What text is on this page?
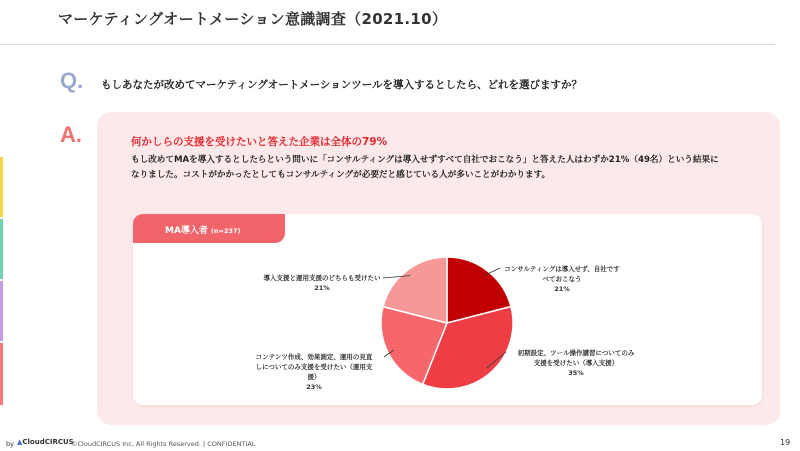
マーケティングオートメーション意識調査（2021.10）
Q. もしあなたが改めてマーケティングオートメーションツールを導入するとしたら、どれを選びますか？
A.	何かしらの支援を受けたいと答えた企業は全体の79%
もし改めてMAを導入するとしたらという問いに「コンサルティングは導入せずすべて自社でおこなう」と答えた人はわずか21%（49名）という結果に
なりました。コストがかかったとしてもコンサルティングが必要だと感じている人が多いことがわかります。
MA導入者 (n=237)
コンサルティングは導入せず、自社です
べておこなう
21%
初期設定、ツール操作講習についてのみ
支援を受けたい（導入支援）
35%
コンテンツ作成、効果測定、運用の見直
しについてのみ支援を受けたい（運用支
援）
23%
導入支援と運用支援のどちらも受けたい
21%
by ▲CloudCIRCUS
©CloudCIRCUS Inc, All Rights Reserved. | CONFIDENTIAL	19
